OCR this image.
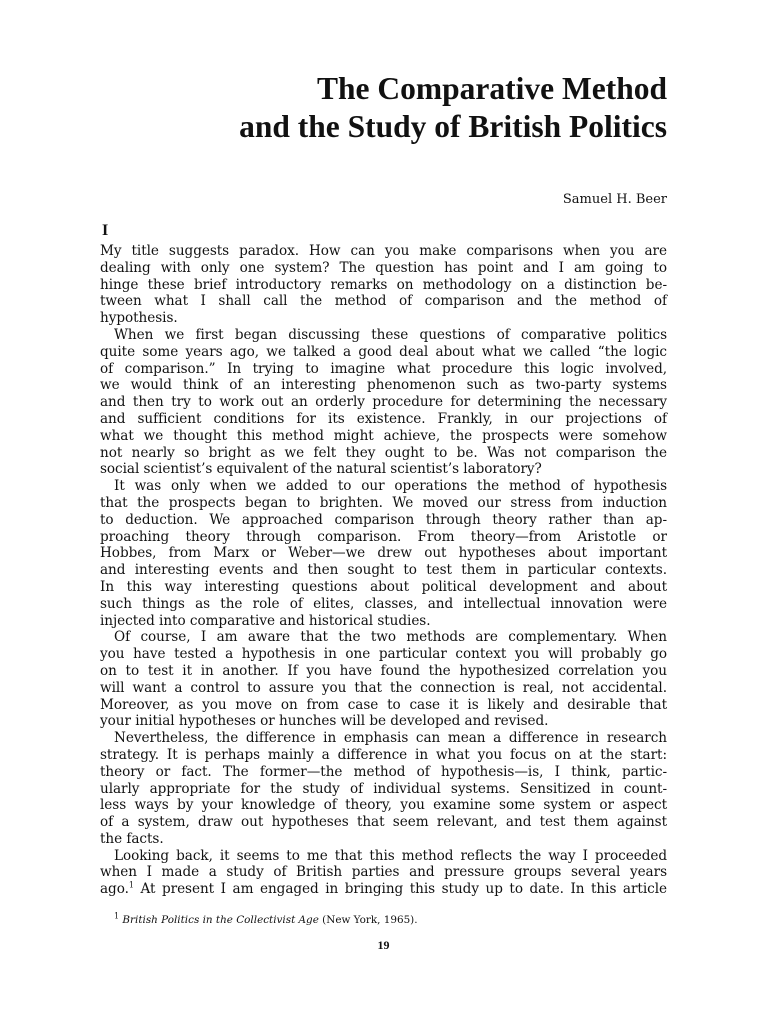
The Comparative Method
and the Study of British Politics
Samuel H. Beer
I
My title suggests paradox. How can you make comparisons when you are
dealing with only one system? The question has point and I am going to
hinge these brief introductory remarks on methodology on a distinction be-
tween what I shall call the method of comparison and the method of
hypothesis.
When we first began discussing these questions of comparative politics
quite some years ago, we talked a good deal about what we called “the logic
of comparison.” In trying to imagine what procedure this logic involved,
we would think of an interesting phenomenon such as two-party systems
and then try to work out an orderly procedure for determining the necessary
and sufficient conditions for its existence. Frankly, in our projections of
what we thought this method might achieve, the prospects were somehow
not nearly so bright as we felt they ought to be. Was not comparison the
social scientist’s equivalent of the natural scientist’s laboratory?
It was only when we added to our operations the method of hypothesis
that the prospects began to brighten. We moved our stress from induction
to deduction. We approached comparison through theory rather than ap-
proaching theory through comparison. From theory—from Aristotle or
Hobbes, from Marx or Weber—we drew out hypotheses about important
and interesting events and then sought to test them in particular contexts.
In this way interesting questions about political development and about
such things as the role of elites, classes, and intellectual innovation were
injected into comparative and historical studies.
Of course, I am aware that the two methods are complementary. When
you have tested a hypothesis in one particular context you will probably go
on to test it in another. If you have found the hypothesized correlation you
will want a control to assure you that the connection is real, not accidental.
Moreover, as you move on from case to case it is likely and desirable that
your initial hypotheses or hunches will be developed and revised.
Nevertheless, the difference in emphasis can mean a difference in research
strategy. It is perhaps mainly a difference in what you focus on at the start:
theory or fact. The former—the method of hypothesis—is, I think, partic-
ularly appropriate for the study of individual systems. Sensitized in count-
less ways by your knowledge of theory, you examine some system or aspect
of a system, draw out hypotheses that seem relevant, and test them against
the facts.
Looking back, it seems to me that this method reflects the way I proceeded
when I made a study of British parties and pressure groups several years
ago.$^1$ At present I am engaged in bringing this study up to date. In this article
$^1$ British Politics in the Collectivist Age (New York, 1965).
19
